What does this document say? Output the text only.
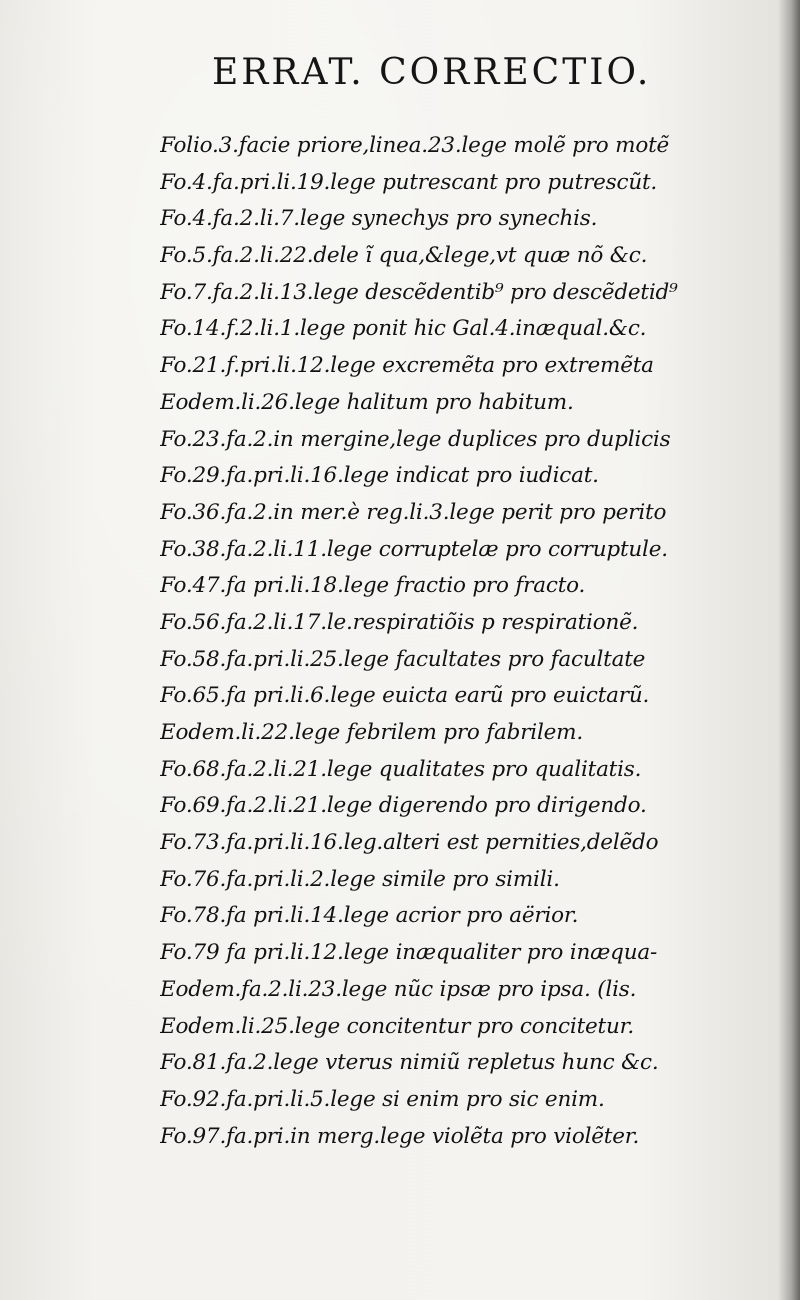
ERRAT. CORRECTIO.
Folio.3.facie priore,linea.23.lege molẽ pro motẽ
Fo.4.fa.pri.li.19.lege putrescant pro putrescũt.
Fo.4.fa.2.li.7.lege synechys pro synechis.
Fo.5.fa.2.li.22.dele ĩ qua,&lege,vt quæ nõ &c.
Fo.7.fa.2.li.13.lege descẽdentib⁹ pro descẽdetid⁹
Fo.14.f.2.li.1.lege ponit hic Gal.4.inæqual.&c.
Fo.21.f.pri.li.12.lege excremẽta pro extremẽta
Eodem.li.26.lege halitum pro habitum.
Fo.23.fa.2.in mergine,lege duplices pro duplicis
Fo.29.fa.pri.li.16.lege indicat pro iudicat.
Fo.36.fa.2.in mer.è reg.li.3.lege perit pro perito
Fo.38.fa.2.li.11.lege corruptelæ pro corruptule.
Fo.47.fa pri.li.18.lege fractio pro fracto.
Fo.56.fa.2.li.17.le.respiratiõis p respirationẽ.
Fo.58.fa.pri.li.25.lege facultates pro facultate
Fo.65.fa pri.li.6.lege euicta earũ pro euictarũ.
Eodem.li.22.lege febrilem pro fabrilem.
Fo.68.fa.2.li.21.lege qualitates pro qualitatis.
Fo.69.fa.2.li.21.lege digerendo pro dirigendo.
Fo.73.fa.pri.li.16.leg.alteri est pernities,delẽdo
Fo.76.fa.pri.li.2.lege simile pro simili.
Fo.78.fa pri.li.14.lege acrior pro aërior.
Fo.79 fa pri.li.12.lege inæqualiter pro inæqua-
Eodem.fa.2.li.23.lege nũc ipsæ pro ipsa. (lis.
Eodem.li.25.lege concitentur pro concitetur.
Fo.81.fa.2.lege vterus nimiũ repletus hunc &c.
Fo.92.fa.pri.li.5.lege si enim pro sic enim.
Fo.97.fa.pri.in merg.lege violẽta pro violẽter.
